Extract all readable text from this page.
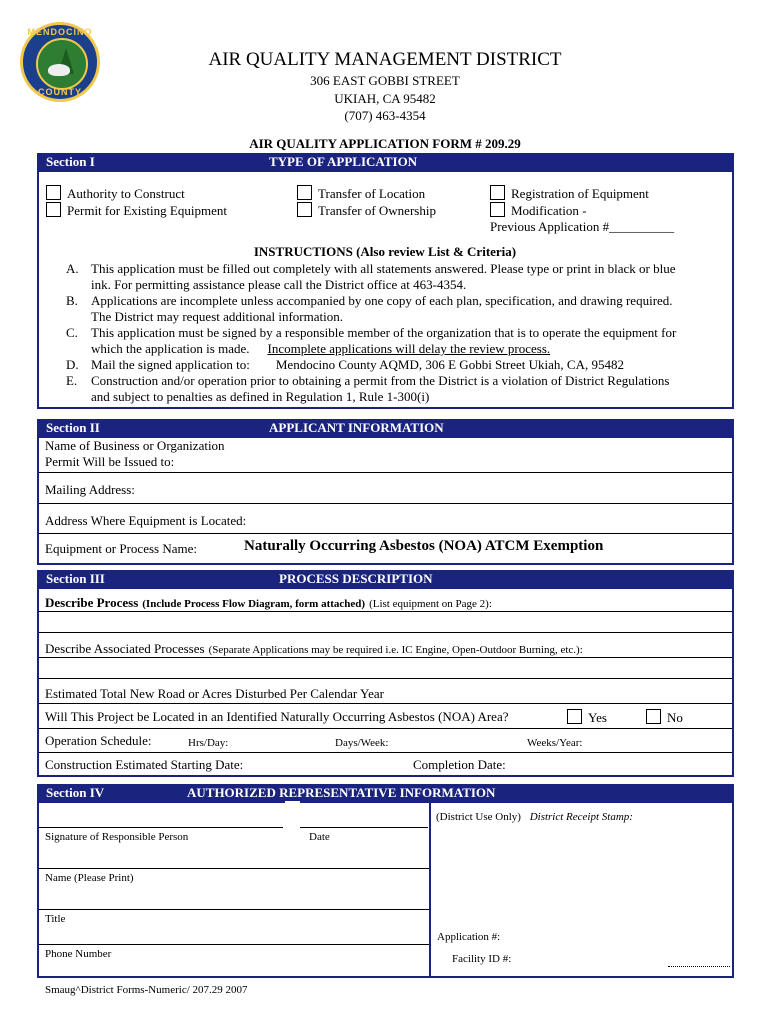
MENDOCINO
COUNTY
AIR QUALITY MANAGEMENT DISTRICT
306 EAST GOBBI STREET
UKIAH, CA 95482
(707) 463-4354
AIR QUALITY APPLICATION FORM # 209.29
Section I	TYPE OF APPLICATION
Authority to Construct
Permit for Existing Equipment
Transfer of Location
Transfer of Ownership
Registration of Equipment
Modification -
Previous Application #__________
INSTRUCTIONS (Also review List & Criteria)
A. This application must be filled out completely with all statements answered. Please type or print in black or blue
ink. For permitting assistance please call the District office at 463-4354.
B. Applications are incomplete unless accompanied by one copy of each plan, specification, and drawing required.
The District may request additional information.
C. This application must be signed by a responsible member of the organization that is to operate the equipment for
which the application is made. Incomplete applications will delay the review process.
D. Mail the signed application to: Mendocino County AQMD, 306 E Gobbi Street Ukiah, CA, 95482
E. Construction and/or operation prior to obtaining a permit from the District is a violation of District Regulations
and subject to penalties as defined in Regulation 1, Rule 1-300(i)
Section II	APPLICANT INFORMATION
Name of Business or Organization
Permit Will be Issued to:
Mailing Address:
Address Where Equipment is Located:
Equipment or Process Name:	Naturally Occurring Asbestos (NOA) ATCM Exemption
Section III	PROCESS DESCRIPTION
Describe Process (Include Process Flow Diagram, form attached) (List equipment on Page 2):
Describe Associated Processes (Separate Applications may be required i.e. IC Engine, Open-Outdoor Burning, etc.):
Estimated Total New Road or Acres Disturbed Per Calendar Year
Will This Project be Located in an Identified Naturally Occurring Asbestos (NOA) Area?	Yes	No
Operation Schedule:	Hrs/Day:	Days/Week:	Weeks/Year:
Construction Estimated Starting Date:	Completion Date:
Section IV	AUTHORIZED REPRESENTATIVE INFORMATION
(District Use Only) District Receipt Stamp:
Signature of Responsible Person	Date
Name (Please Print)
Title
Phone Number
Application #:
Facility ID #:
Smaug^District Forms-Numeric/ 207.29 2007
